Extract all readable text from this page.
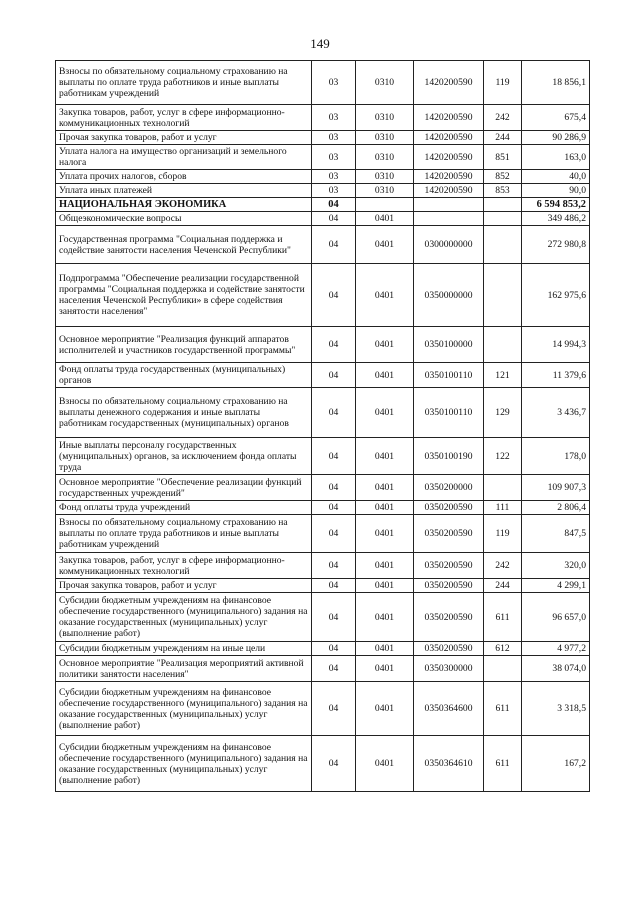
149
Взносы по обязательному социальному страхованию на выплаты по оплате труда работников и иные выплаты работникам учреждений	03	0310	1420200590	119	18 856,1
Закупка товаров, работ, услуг в сфере информационно-коммуникационных технологий	03	0310	1420200590	242	675,4
Прочая закупка товаров, работ и услуг	03	0310	1420200590	244	90 286,9
Уплата налога на имущество организаций и земельного налога	03	0310	1420200590	851	163,0
Уплата прочих налогов, сборов	03	0310	1420200590	852	40,0
Уплата иных платежей	03	0310	1420200590	853	90,0
НАЦИОНАЛЬНАЯ ЭКОНОМИКА	04				6 594 853,2
Общеэкономические вопросы	04	0401			349 486,2
Государственная программа "Социальная поддержка и содействие занятости населения Чеченской Республики"	04	0401	0300000000		272 980,8
Подпрограмма "Обеспечение реализации государственной программы "Социальная поддержка и содействие занятости населения Чеченской Республики» в сфере содействия занятости населения"	04	0401	0350000000		162 975,6
Основное мероприятие "Реализация функций аппаратов исполнителей и участников государственной программы"	04	0401	0350100000		14 994,3
Фонд оплаты труда государственных (муниципальных) органов	04	0401	0350100110	121	11 379,6
Взносы по обязательному социальному страхованию на выплаты денежного содержания и иные выплаты работникам государственных (муниципальных) органов	04	0401	0350100110	129	3 436,7
Иные выплаты персоналу государственных (муниципальных) органов, за исключением фонда оплаты труда	04	0401	0350100190	122	178,0
Основное мероприятие "Обеспечение реализации функций государственных учреждений"	04	0401	0350200000		109 907,3
Фонд оплаты труда учреждений	04	0401	0350200590	111	2 806,4
Взносы по обязательному социальному страхованию на выплаты по оплате труда работников и иные выплаты работникам учреждений	04	0401	0350200590	119	847,5
Закупка товаров, работ, услуг в сфере информационно-коммуникационных технологий	04	0401	0350200590	242	320,0
Прочая закупка товаров, работ и услуг	04	0401	0350200590	244	4 299,1
Субсидии бюджетным учреждениям на финансовое обеспечение государственного (муниципального) задания на оказание государственных (муниципальных) услуг (выполнение работ)	04	0401	0350200590	611	96 657,0
Субсидии бюджетным учреждениям на иные цели	04	0401	0350200590	612	4 977,2
Основное мероприятие "Реализация мероприятий активной политики занятости населения"	04	0401	0350300000		38 074,0
Субсидии бюджетным учреждениям на финансовое обеспечение государственного (муниципального) задания на оказание государственных (муниципальных) услуг (выполнение работ)	04	0401	0350364600	611	3 318,5
Субсидии бюджетным учреждениям на финансовое обеспечение государственного (муниципального) задания на оказание государственных (муниципальных) услуг (выполнение работ)	04	0401	0350364610	611	167,2
